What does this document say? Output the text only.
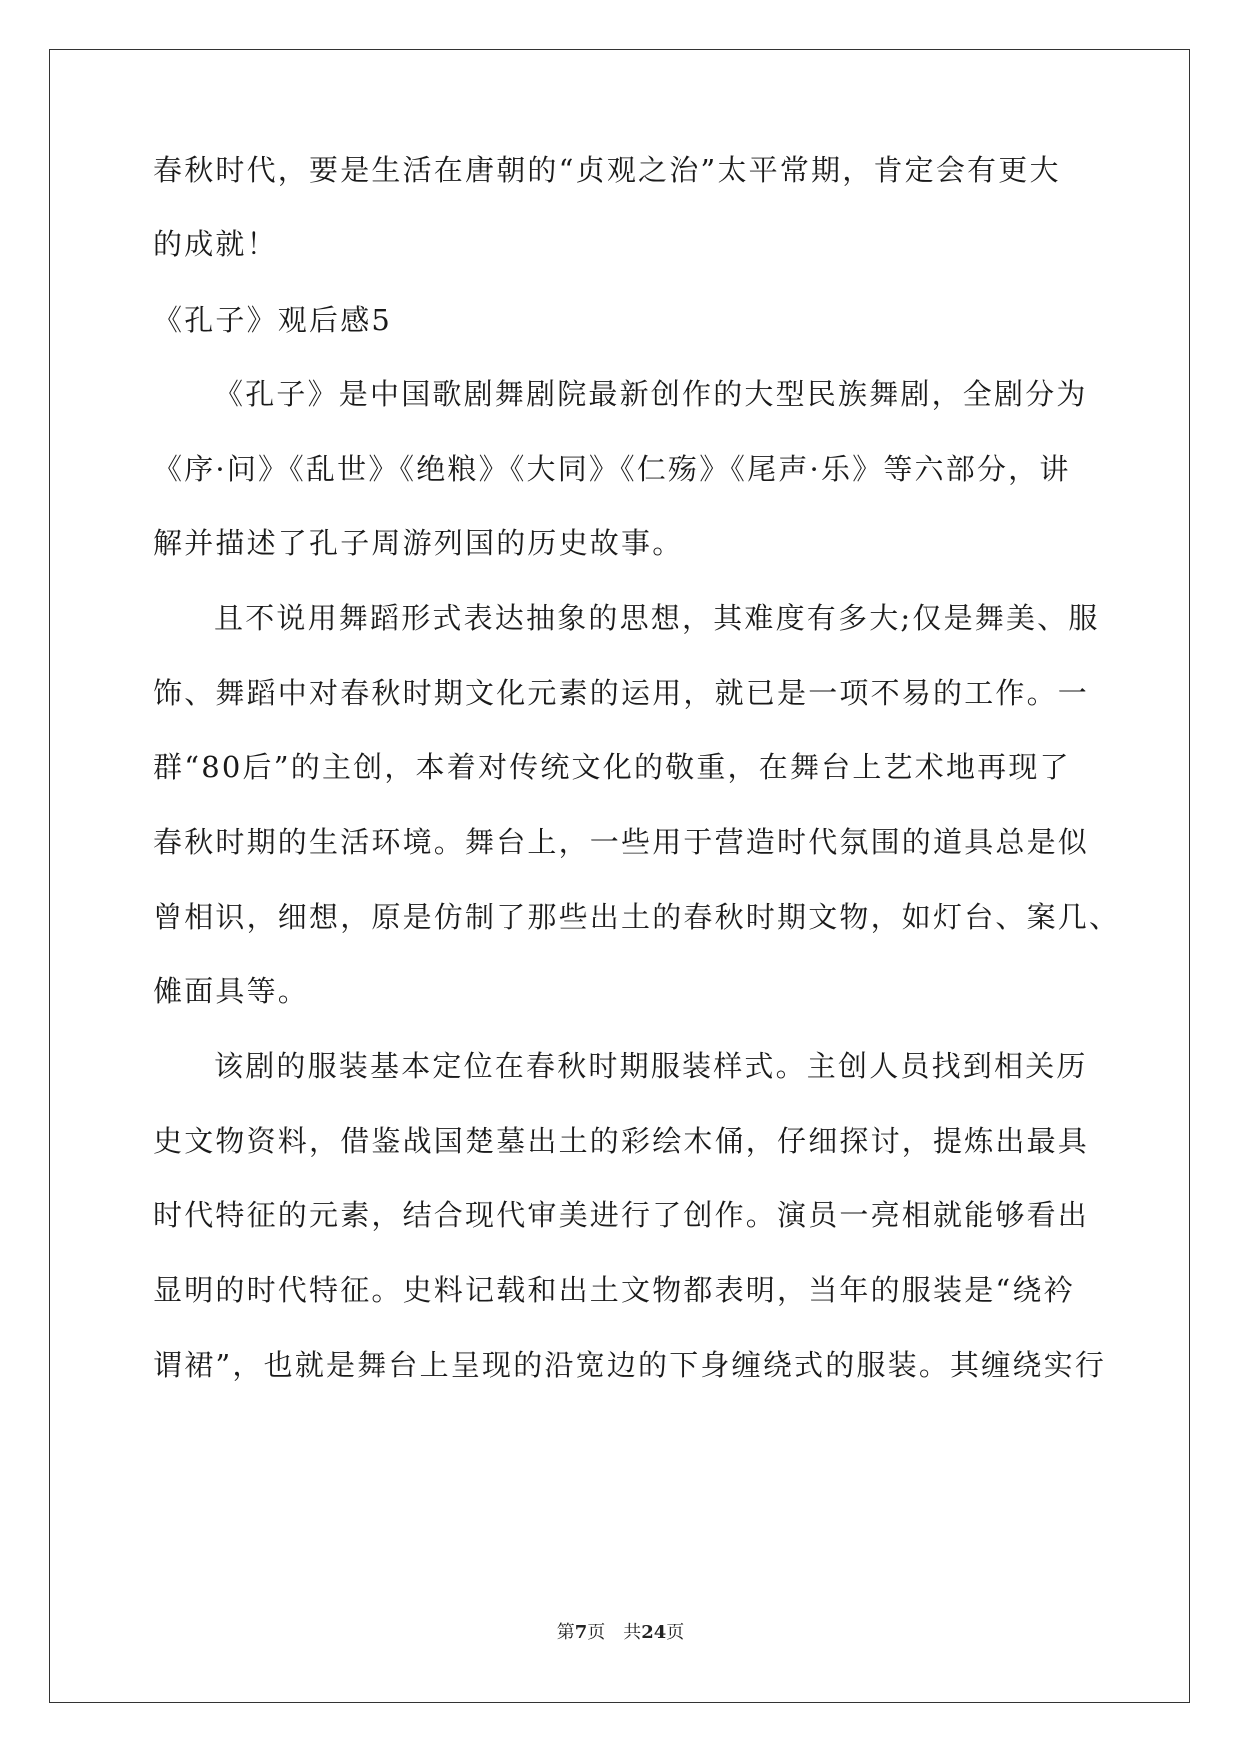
春秋时代，要是生活在唐朝的“贞观之治”太平常期，肯定会有更大
的成就！
《孔子》观后感5
《孔子》是中国歌剧舞剧院最新创作的大型民族舞剧，全剧分为
《序·问》《乱世》《绝粮》《大同》《仁殇》《尾声·乐》等六部分，讲
解并描述了孔子周游列国的历史故事。
且不说用舞蹈形式表达抽象的思想，其难度有多大;仅是舞美、服
饰、舞蹈中对春秋时期文化元素的运用，就已是一项不易的工作。一
群“80后”的主创，本着对传统文化的敬重，在舞台上艺术地再现了
春秋时期的生活环境。舞台上，一些用于营造时代氛围的道具总是似
曾相识，细想，原是仿制了那些出土的春秋时期文物，如灯台、案几、
傩面具等。
该剧的服装基本定位在春秋时期服装样式。主创人员找到相关历
史文物资料，借鉴战国楚墓出土的彩绘木俑，仔细探讨，提炼出最具
时代特征的元素，结合现代审美进行了创作。演员一亮相就能够看出
显明的时代特征。史料记载和出土文物都表明，当年的服装是“绕衿
谓裙”，也就是舞台上呈现的沿宽边的下身缠绕式的服装。其缠绕实行
第7页　共24页
